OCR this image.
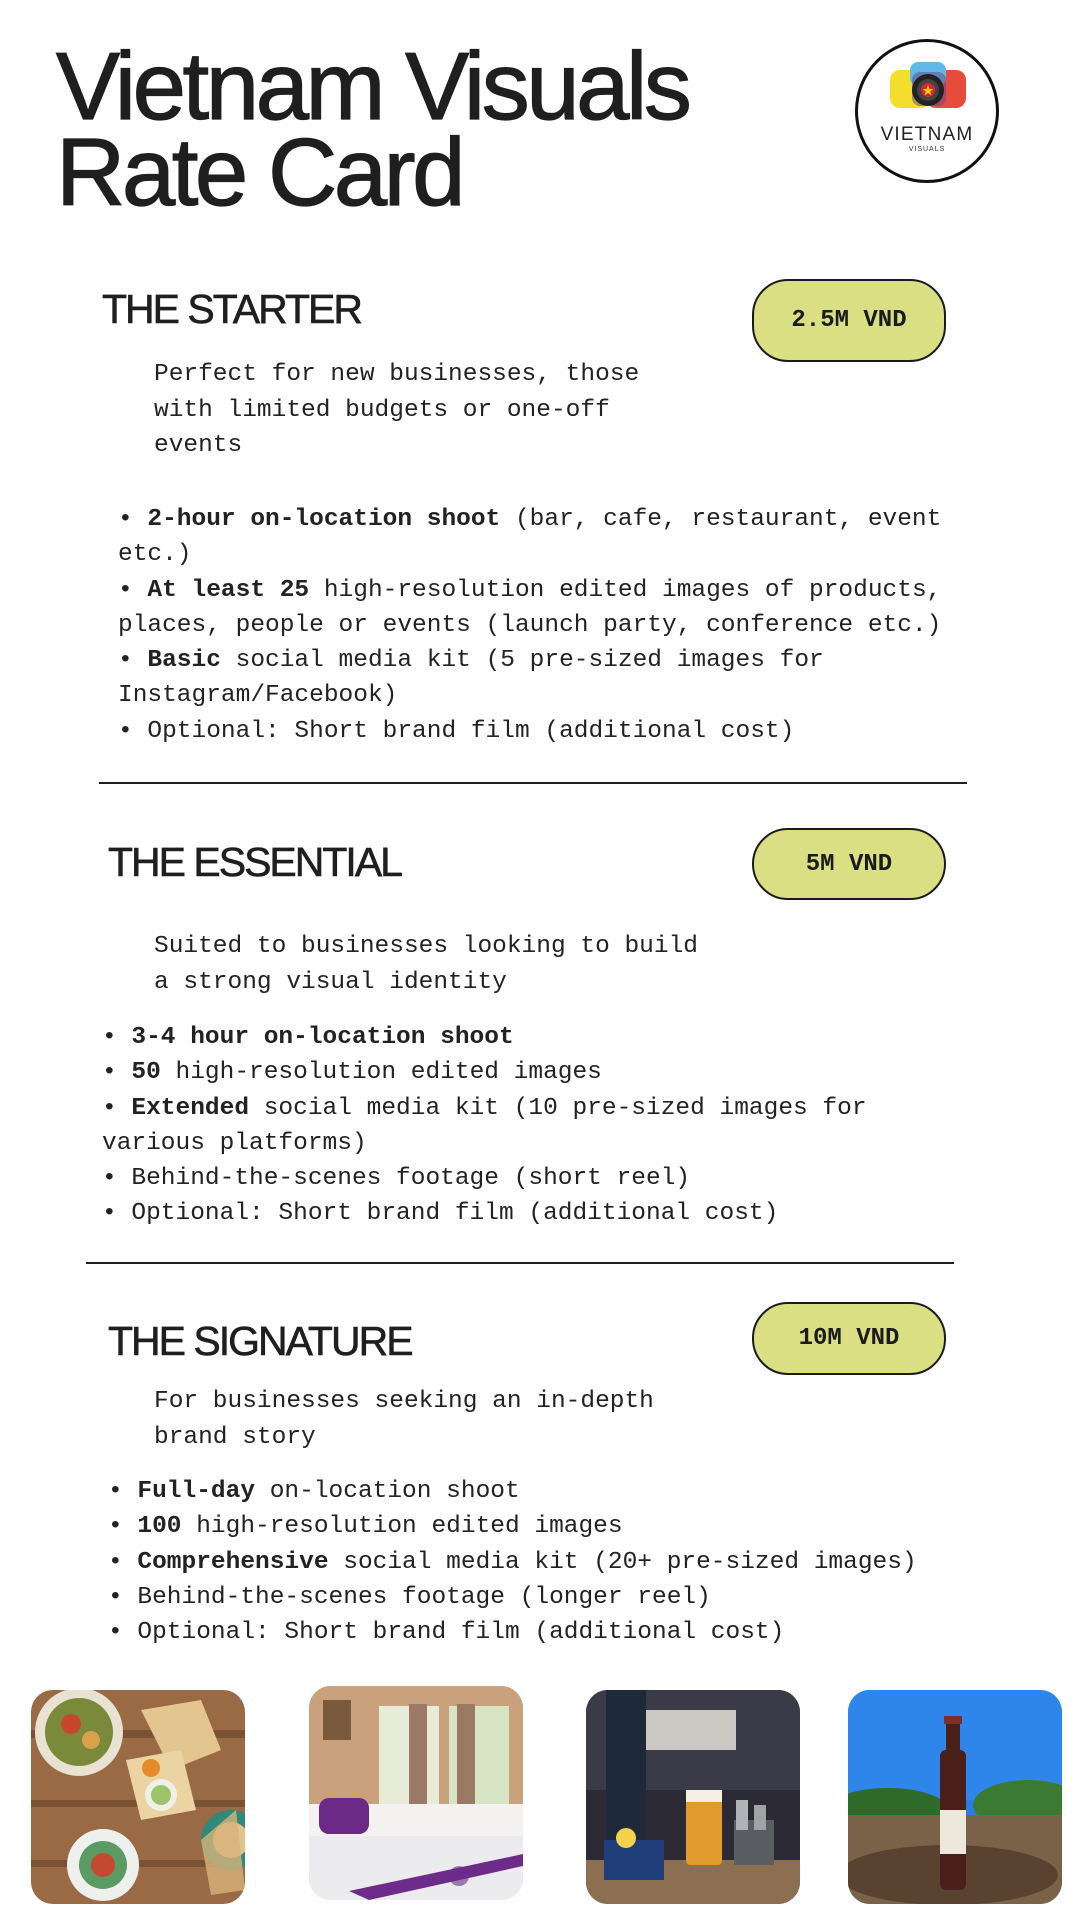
Vietnam Visuals
Rate Card	VIETNAM
VISUALS
THE STARTER	2.5M VND
Perfect for new businesses, those
with limited budgets or one-off
events
• 2-hour on-location shoot (bar, cafe, restaurant, event etc.)
• At least 25 high-resolution edited images of products, places, people or events (launch party, conference etc.)
• Basic social media kit (5 pre-sized images for Instagram/Facebook)
• Optional: Short brand film (additional cost)
THE ESSENTIAL	5M VND
Suited to businesses looking to build
a strong visual identity
• 3-4 hour on-location shoot
• 50 high-resolution edited images
• Extended social media kit (10 pre-sized images for various platforms)
• Behind-the-scenes footage (short reel)
• Optional: Short brand film (additional cost)
THE SIGNATURE	10M VND
For businesses seeking an in-depth
brand story
• Full-day on-location shoot
• 100 high-resolution edited images
• Comprehensive social media kit (20+ pre-sized images)
• Behind-the-scenes footage (longer reel)
• Optional: Short brand film (additional cost)
